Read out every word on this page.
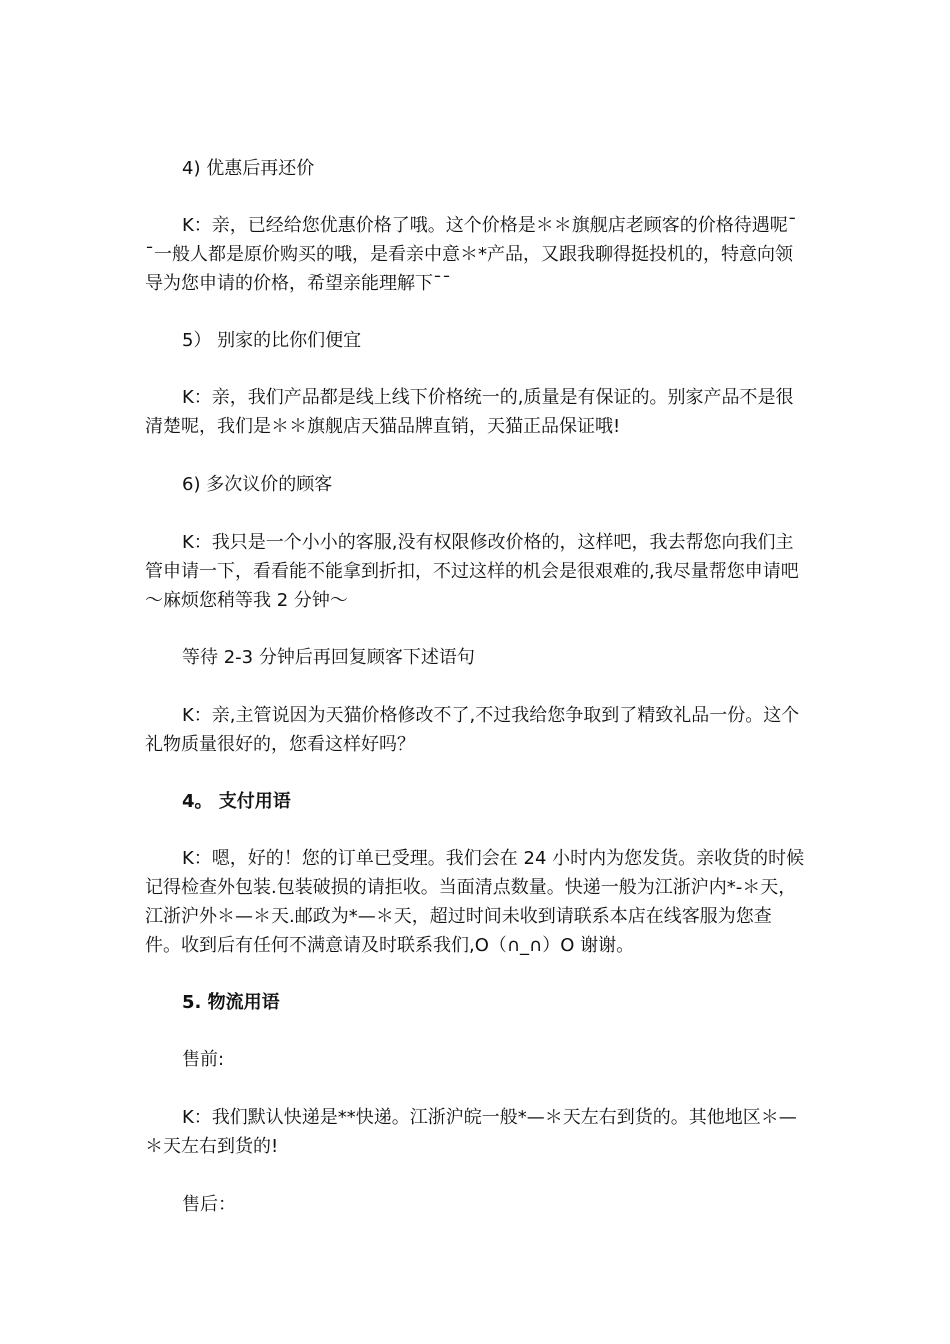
4) 优惠后再还价

K：亲，已经给您优惠价格了哦。这个价格是＊＊旗舰店老顾客的价格待遇呢¯¯一般人都是原价购买的哦，是看亲中意＊*产品，又跟我聊得挺投机的，特意向领导为您申请的价格，希望亲能理解下¯¯

5） 别家的比你们便宜

K：亲，我们产品都是线上线下价格统一的,质量是有保证的。别家产品不是很清楚呢，我们是＊＊旗舰店天猫品牌直销，天猫正品保证哦!

6) 多次议价的顾客

K：我只是一个小小的客服,没有权限修改价格的，这样吧，我去帮您向我们主管申请一下，看看能不能拿到折扣，不过这样的机会是很艰难的,我尽量帮您申请吧～麻烦您稍等我 2 分钟～

等待 2-3 分钟后再回复顾客下述语句

K：亲,主管说因为天猫价格修改不了,不过我给您争取到了精致礼品一份。这个礼物质量很好的，您看这样好吗？

4。 支付用语

K：嗯，好的！您的订单已受理。我们会在 24 小时内为您发货。亲收货的时候记得检查外包装.包装破损的请拒收。当面清点数量。快递一般为江浙沪内*-＊天，江浙沪外＊—＊天.邮政为*—＊天，超过时间未收到请联系本店在线客服为您查件。收到后有任何不满意请及时联系我们,O（∩_∩）O 谢谢。

5. 物流用语

售前:

K：我们默认快递是**快递。江浙沪皖一般*—＊天左右到货的。其他地区＊—＊天左右到货的!

售后：
